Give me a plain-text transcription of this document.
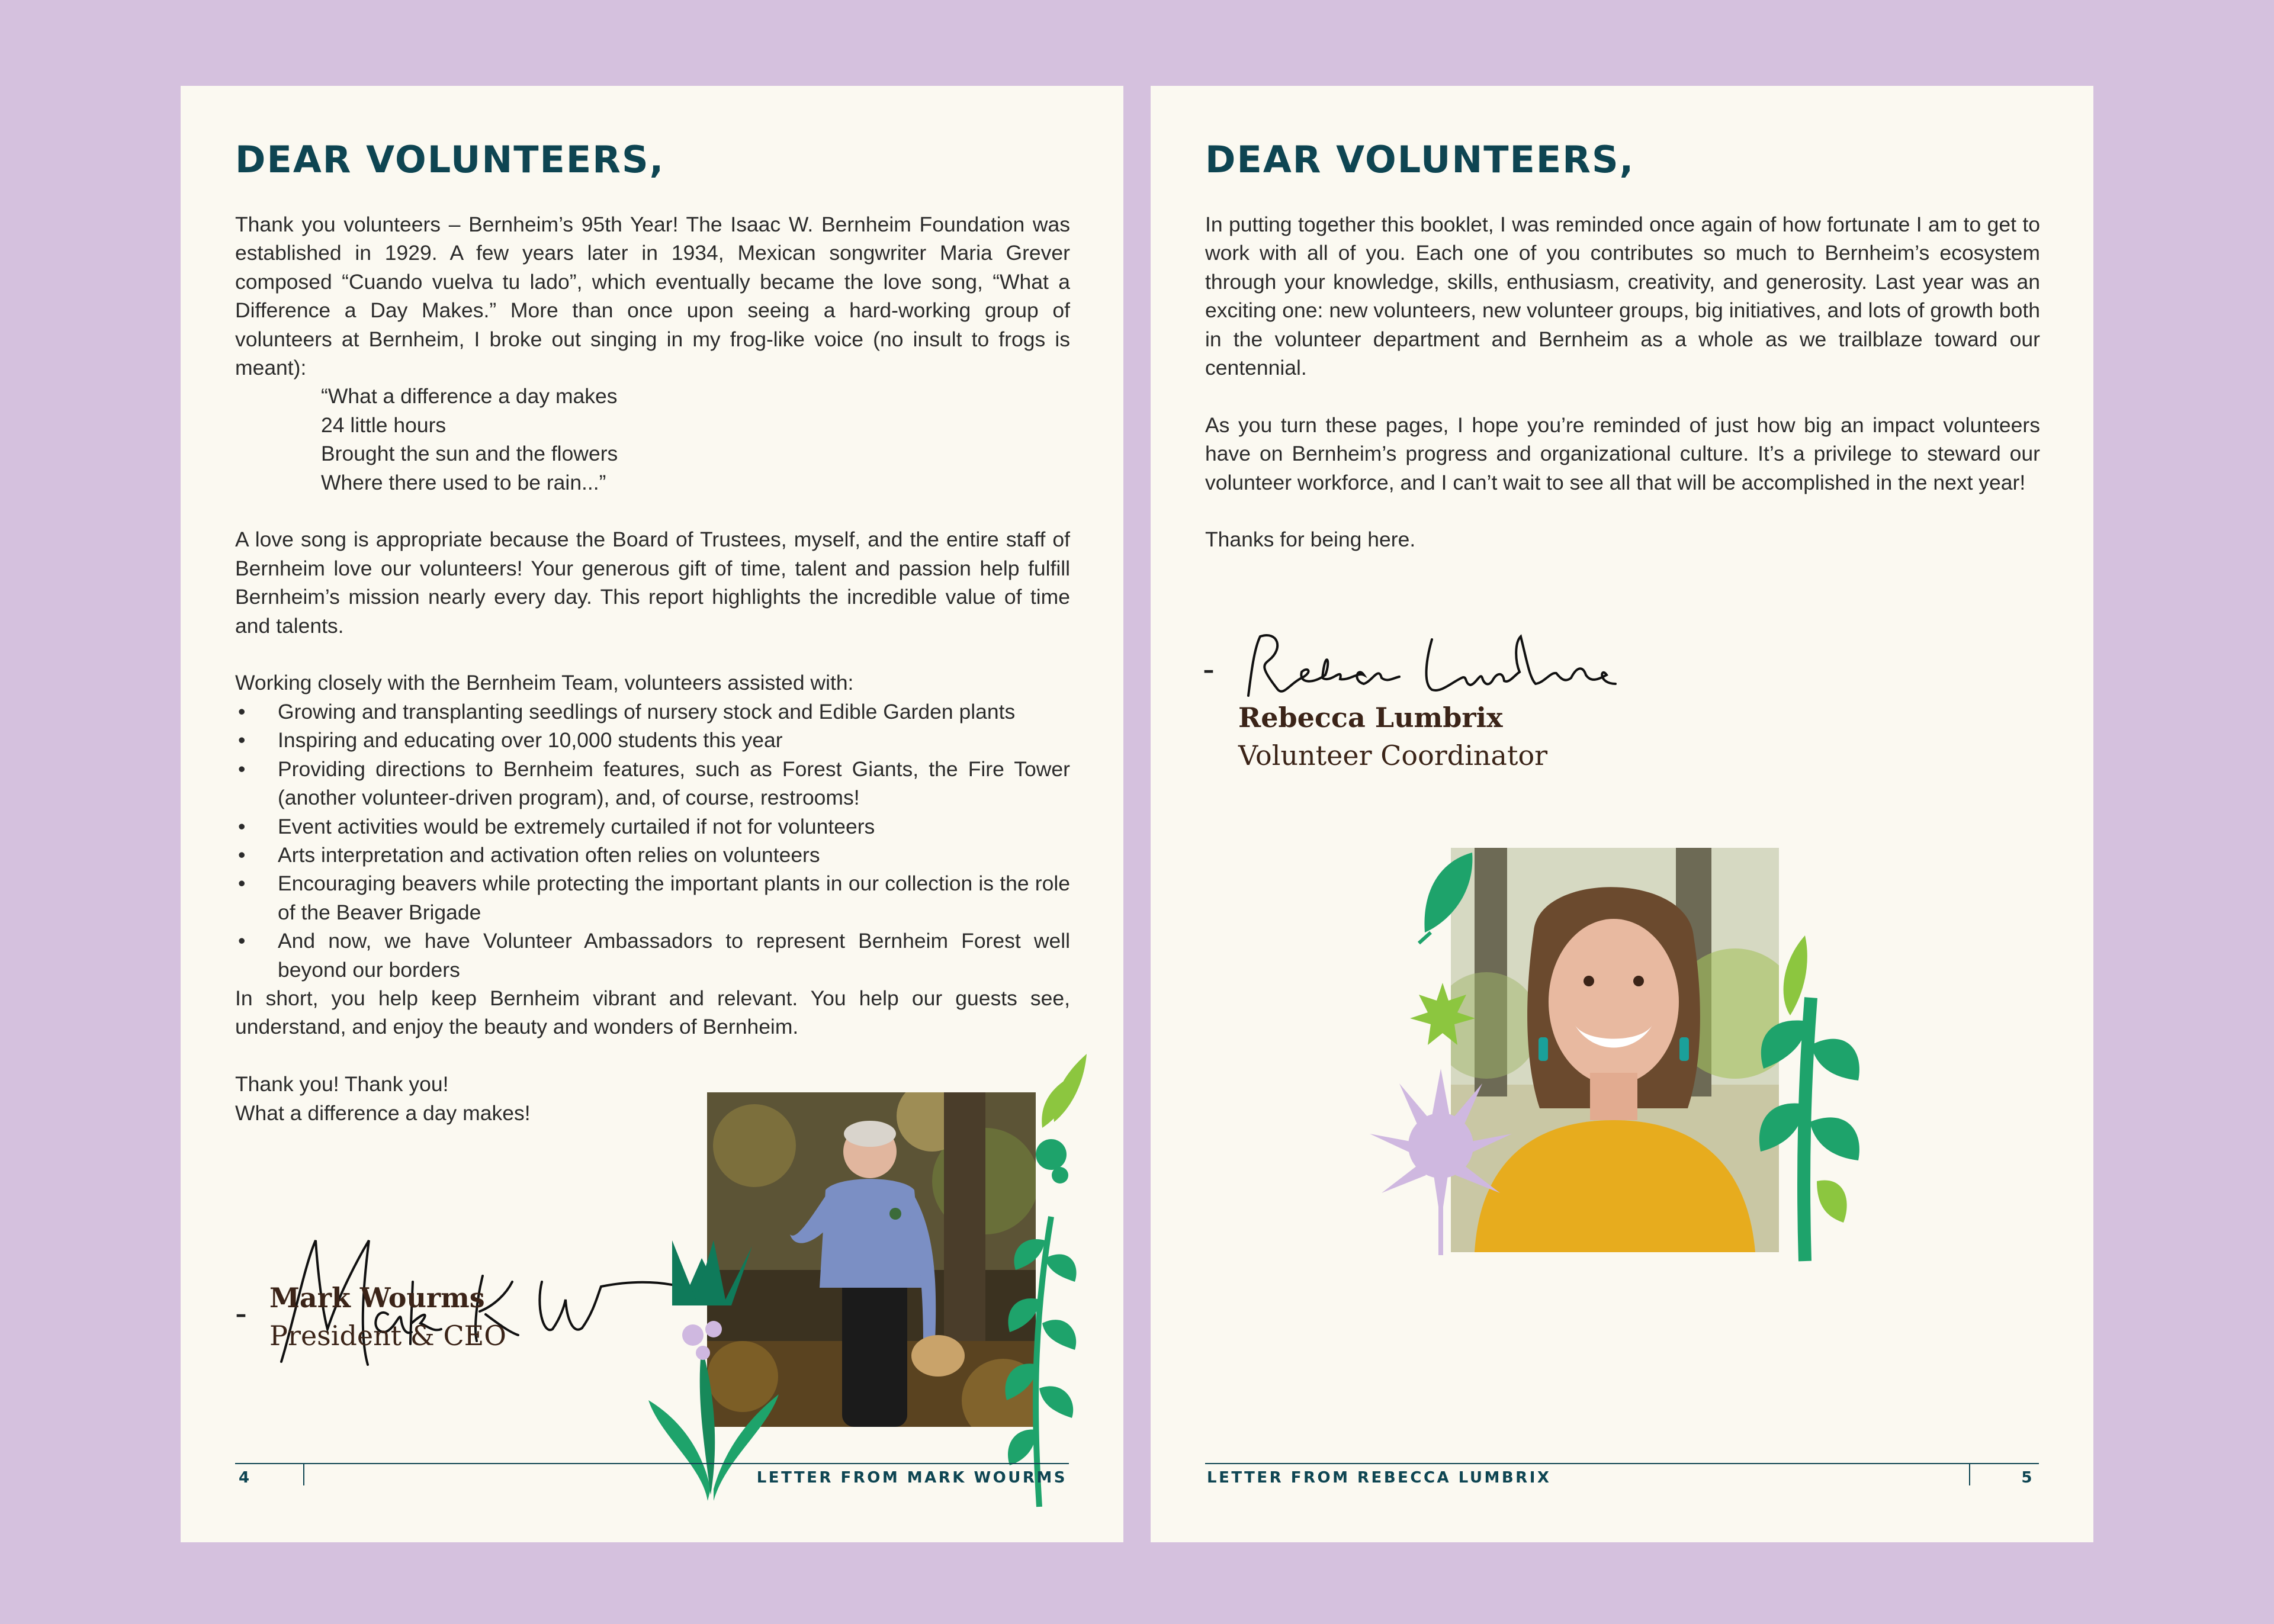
DEAR VOLUNTEERS,

Thank you volunteers – Bernheim’s 95th Year! The Isaac W. Bernheim Foundation was established in 1929. A few years later in 1934, Mexican songwriter Maria Grever composed “Cuando vuelva tu lado”, which eventually became the love song, “What a Difference a Day Makes.” More than once upon seeing a hard-working group of volunteers at Bernheim, I broke out singing in my frog-like voice (no insult to frogs is meant):

“What a difference a day makes
24 little hours
Brought the sun and the flowers
Where there used to be rain...”

A love song is appropriate because the Board of Trustees, myself, and the entire staff of Bernheim love our volunteers! Your generous gift of time, talent and passion help fulfill Bernheim’s mission nearly every day. This report highlights the incredible value of time and talents.

Working closely with the Bernheim Team, volunteers assisted with:

• Growing and transplanting seedlings of nursery stock and Edible Garden plants
• Inspiring and educating over 10,000 students this year
• Providing directions to Bernheim features, such as Forest Giants, the Fire Tower (another volunteer-driven program), and, of course, restrooms!
• Event activities would be extremely curtailed if not for volunteers
• Arts interpretation and activation often relies on volunteers
• Encouraging beavers while protecting the important plants in our collection is the role of the Beaver Brigade
• And now, we have Volunteer Ambassadors to represent Bernheim Forest well beyond our borders

In short, you help keep Bernheim vibrant and relevant. You help our guests see, understand, and enjoy the beauty and wonders of Bernheim.

Thank you! Thank you!

What a difference a day makes!

- Mark Wourms
President & CEO
4	LETTER FROM MARK WOURMS
DEAR VOLUNTEERS,

In putting together this booklet, I was reminded once again of how fortunate I am to get to work with all of you. Each one of you contributes so much to Bernheim’s ecosystem through your knowledge, skills, enthusiasm, creativity, and generosity. Last year was an exciting one: new volunteers, new volunteer groups, big initiatives, and lots of growth both in the volunteer department and Bernheim as a whole as we trailblaze toward our centennial.

As you turn these pages, I hope you’re reminded of just how big an impact volunteers have on Bernheim’s progress and organizational culture. It’s a privilege to steward our volunteer workforce, and I can’t wait to see all that will be accomplished in the next year!

Thanks for being here.

-
Rebecca Lumbrix
Volunteer Coordinator
LETTER FROM REBECCA LUMBRIX	5
